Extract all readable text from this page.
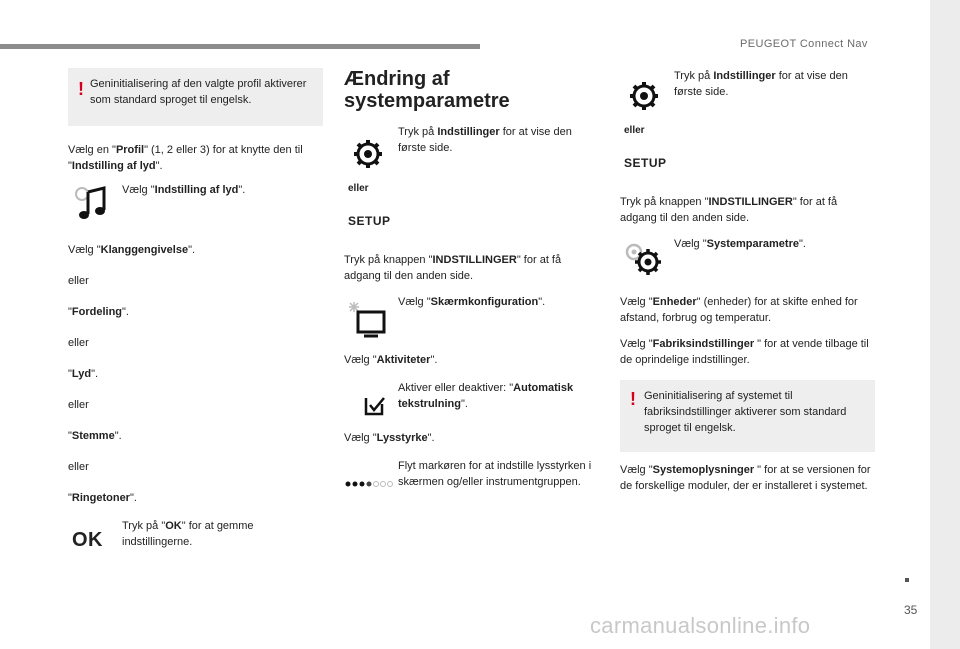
PEUGEOT Connect Nav
! Geninitialisering af den valgte profil aktiverer som standard sproget til engelsk.

Vælg en "Profil" (1, 2 eller 3) for at knytte den til "Indstilling af lyd".

Vælg "Indstilling af lyd".

Vælg "Klanggengivelse".

eller

"Fordeling".

eller

"Lyd".

eller

"Stemme".

eller

"Ringetoner".

OK

Tryk på "OK" for at gemme indstillingerne.

Ændring af systemparametre
eller
SETUP

Tryk på Indstillinger for at vise den første side.

Tryk på knappen "INDSTILLINGER" for at få adgang til den anden side.

Vælg "Skærmkonfiguration".

Vælg "Aktiviteter".

Aktiver eller deaktiver: "Automatisk tekstrulning".

Vælg "Lysstyrke".

Flyt markøren for at indstille lysstyrken i skærmen og/eller instrumentgruppen.

eller
SETUP

Tryk på Indstillinger for at vise den første side.

Tryk på knappen "INDSTILLINGER" for at få adgang til den anden side.

Vælg "Systemparametre".

Vælg "Enheder" (enheder) for at skifte enhed for afstand, forbrug og temperatur.

Vælg "Fabriksindstillinger " for at vende tilbage til de oprindelige indstillinger.

! Geninitialisering af systemet til fabriksindstillinger aktiverer som standard sproget til engelsk.

Vælg "Systemoplysninger " for at se versionen for de forskellige moduler, der er installeret i systemet.

35
carmanualsonline.info
